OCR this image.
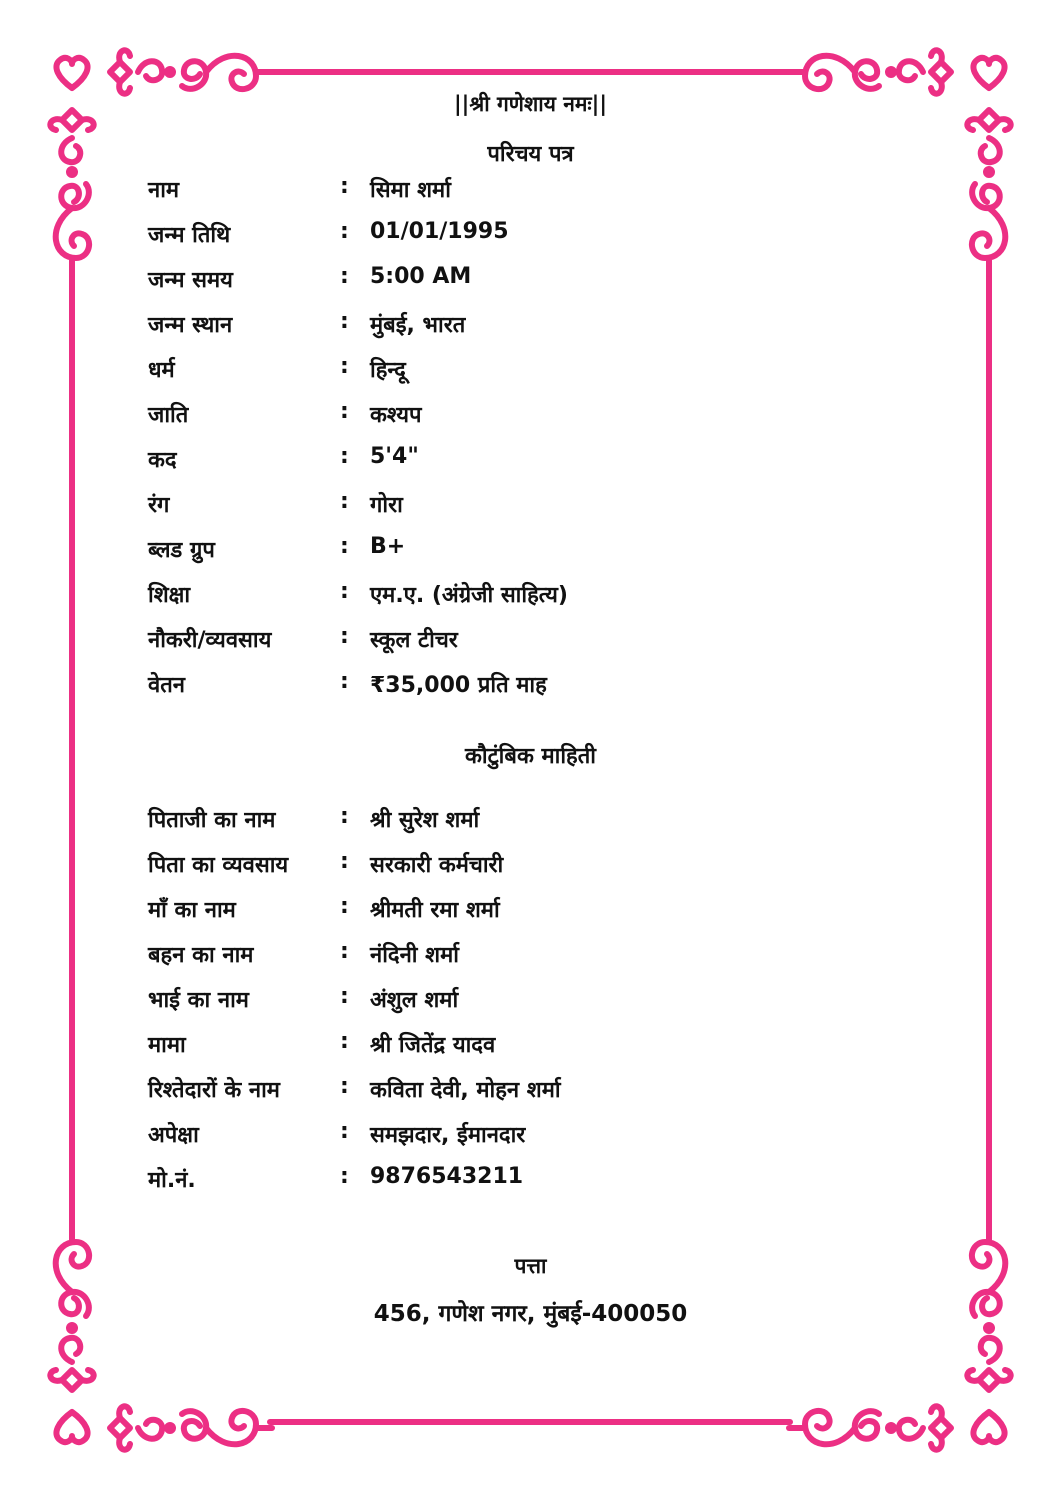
||श्री गणेशाय नमः||
परिचय पत्र
नाम	: सिमा शर्मा
जन्म तिथि	: 01/01/1995
जन्म समय	: 5:00 AM
जन्म स्थान	: मुंबई, भारत
धर्म	: हिन्दू
जाति	: कश्यप
कद	: 5'4"
रंग	: गोरा
ब्लड ग्रुप	: B+
शिक्षा	: एम.ए. (अंग्रेजी साहित्य)
नौकरी/व्यवसाय	: स्कूल टीचर
वेतन	: ₹35,000 प्रति माह
कौटुंबिक माहिती
पिताजी का नाम	: श्री सुरेश शर्मा
पिता का व्यवसाय : सरकारी कर्मचारी
माँ का नाम	: श्रीमती रमा शर्मा
बहन का नाम	: नंदिनी शर्मा
भाई का नाम	: अंशुल शर्मा
मामा	: श्री जितेंद्र यादव
रिश्तेदारों के नाम	: कविता देवी, मोहन शर्मा
अपेक्षा	: समझदार, ईमानदार
मो.नं.	: 9876543211
पत्ता
456, गणेश नगर, मुंबई-400050
